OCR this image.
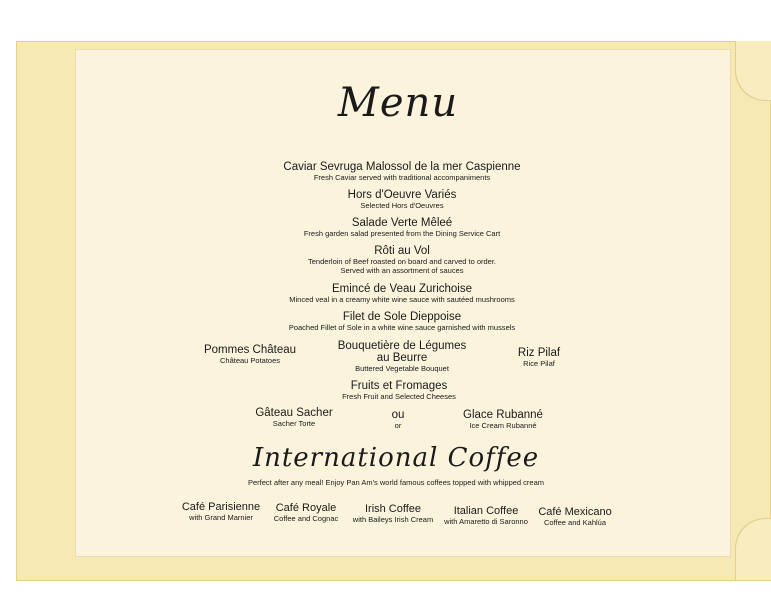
Menu
Caviar Sevruga Malossol de la mer Caspienne
Fresh Caviar served with traditional accompaniments
Hors d'Oeuvre Variés
Selected Hors d'Oeuvres
Salade Verte Mêleé
Fresh garden salad presented from the Dining Service Cart
Rôti au Vol
Tenderloin of Beef roasted on board and carved to order.
Served with an assortment of sauces
Emincé de Veau Zurichoise
Minced veal in a creamy white wine sauce with sautéed mushrooms
Filet de Sole Dieppoise
Poached Fillet of Sole in a white wine sauce garnished with mussels
Pommes Château
Château Potatoes
Bouquetière de Légumes
au Beurre
Buttered Vegetable Bouquet
Riz Pilaf
Rice Pilaf
Fruits et Fromages
Fresh Fruit and Selected Cheeses
Gâteau Sacher
Sacher Torte
ou
or
Glace Rubanné
Ice Cream Rubanné
International Coffee
Perfect after any meal! Enjoy Pan Am's world famous coffees topped with whipped cream
Café Parisienne
with Grand Marnier
Café Royale
Coffee and Cognac
Irish Coffee
with Baileys Irish Cream
Italian Coffee
with Amaretto di Saronno
Café Mexicano
Coffee and Kahlúa
